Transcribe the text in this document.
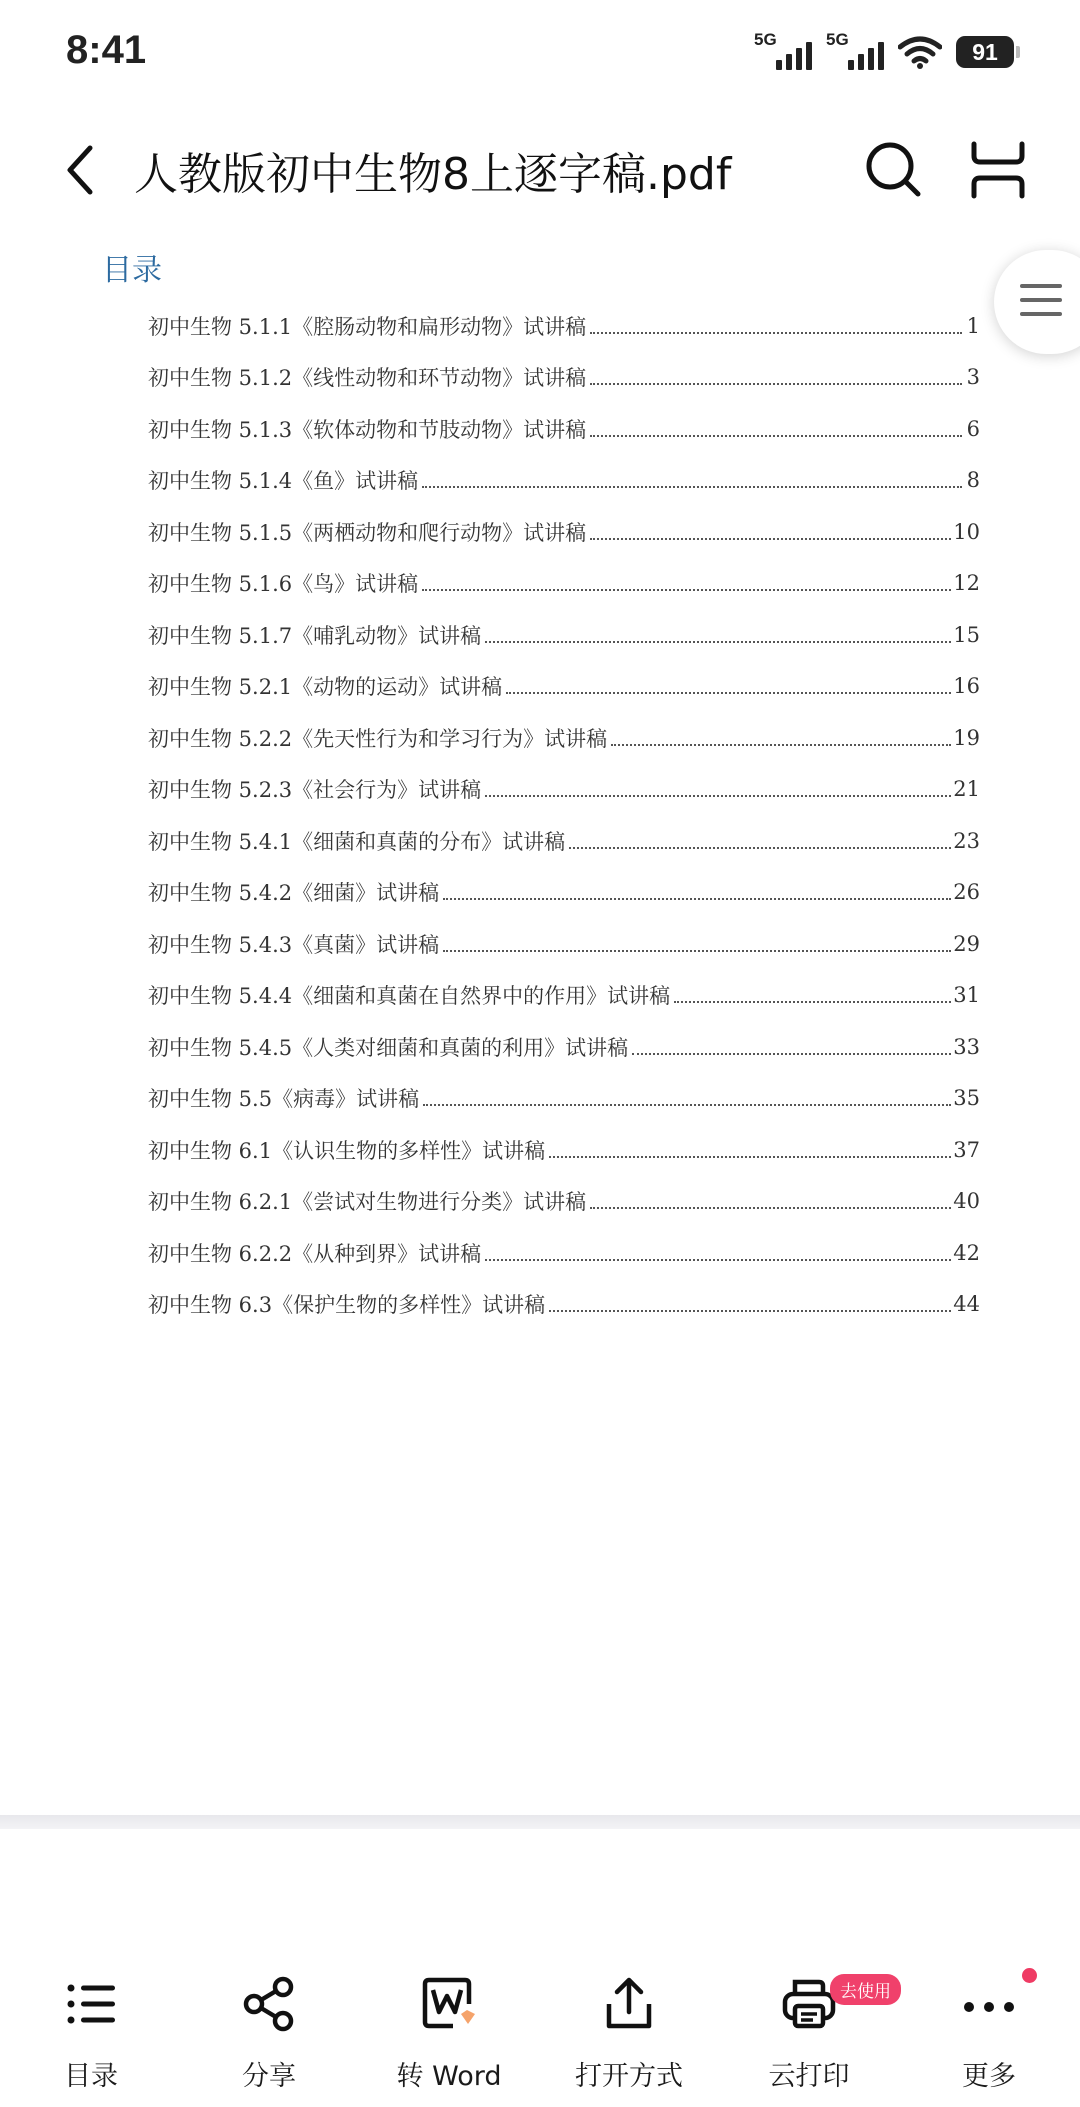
8:41	5G	5G	91
人教版初中生物8上逐字稿.pdf
目录
初中生物 5.1.1《腔肠动物和扁形动物》试讲稿	1
初中生物 5.1.2《线性动物和环节动物》试讲稿	3
初中生物 5.1.3《软体动物和节肢动物》试讲稿	6
初中生物 5.1.4《鱼》试讲稿	8
初中生物 5.1.5《两栖动物和爬行动物》试讲稿	10
初中生物 5.1.6《鸟》试讲稿	12
初中生物 5.1.7《哺乳动物》试讲稿	15
初中生物 5.2.1《动物的运动》试讲稿	16
初中生物 5.2.2《先天性行为和学习行为》试讲稿	19
初中生物 5.2.3《社会行为》试讲稿	21
初中生物 5.4.1《细菌和真菌的分布》试讲稿	23
初中生物 5.4.2《细菌》试讲稿	26
初中生物 5.4.3《真菌》试讲稿	29
初中生物 5.4.4《细菌和真菌在自然界中的作用》试讲稿	31
初中生物 5.4.5《人类对细菌和真菌的利用》试讲稿	33
初中生物 5.5《病毒》试讲稿	35
初中生物 6.1《认识生物的多样性》试讲稿	37
初中生物 6.2.1《尝试对生物进行分类》试讲稿	40
初中生物 6.2.2《从种到界》试讲稿	42
初中生物 6.3《保护生物的多样性》试讲稿	44
目录	分享	转 Word	打开方式
去使用
云打印	更多
